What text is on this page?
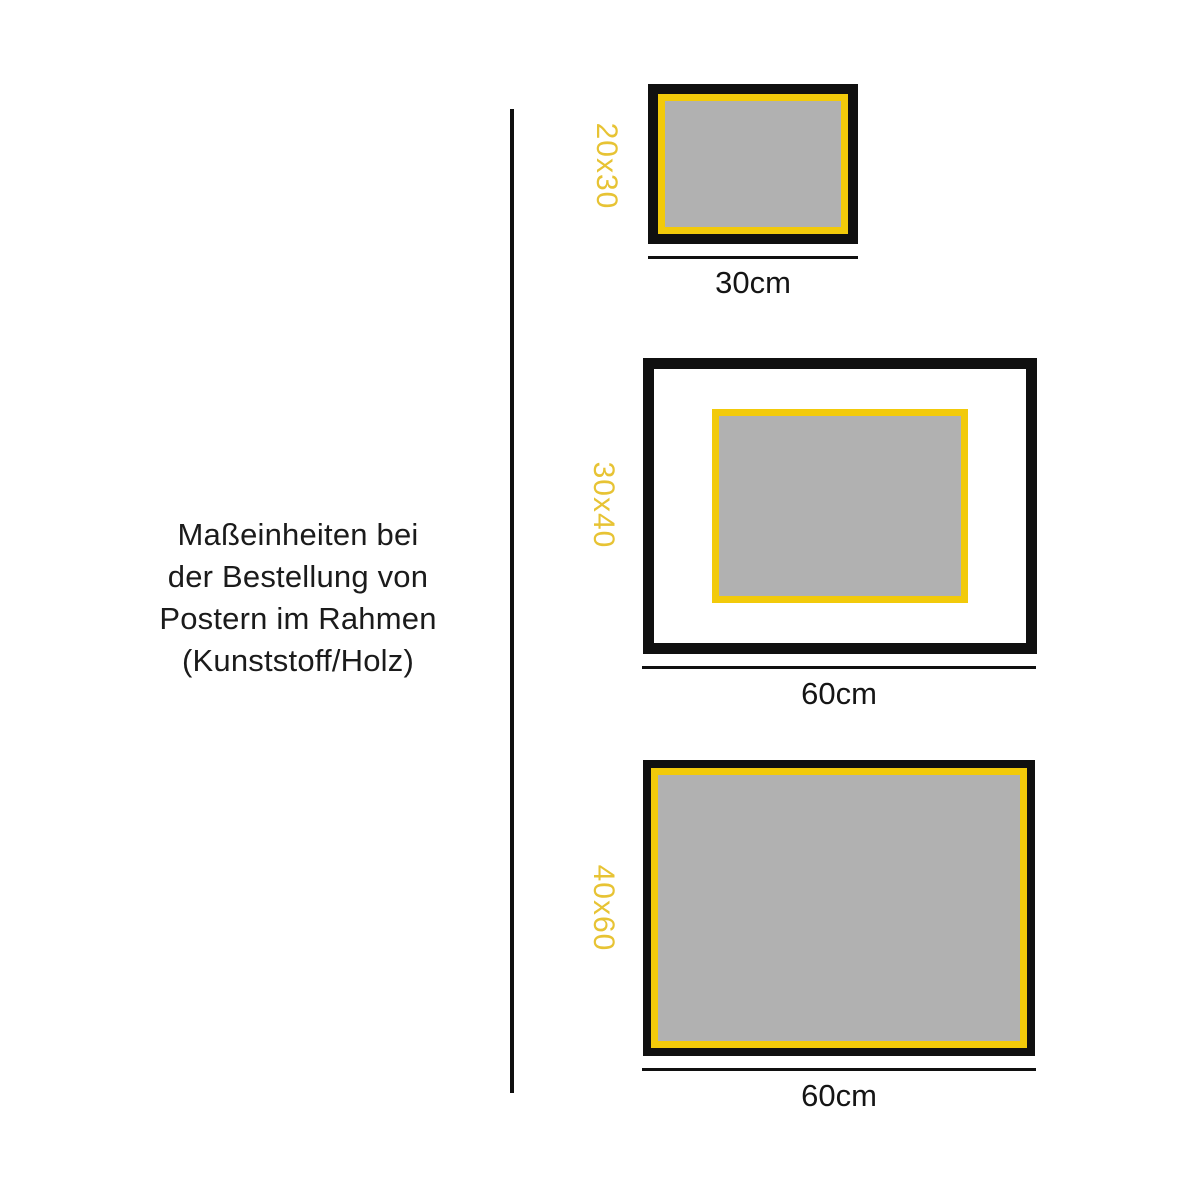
Maßeinheiten bei
der Bestellung von
Postern im Rahmen
(Kunststoff/Holz)
20x30
30cm
30x40
60cm
40x60
60cm
